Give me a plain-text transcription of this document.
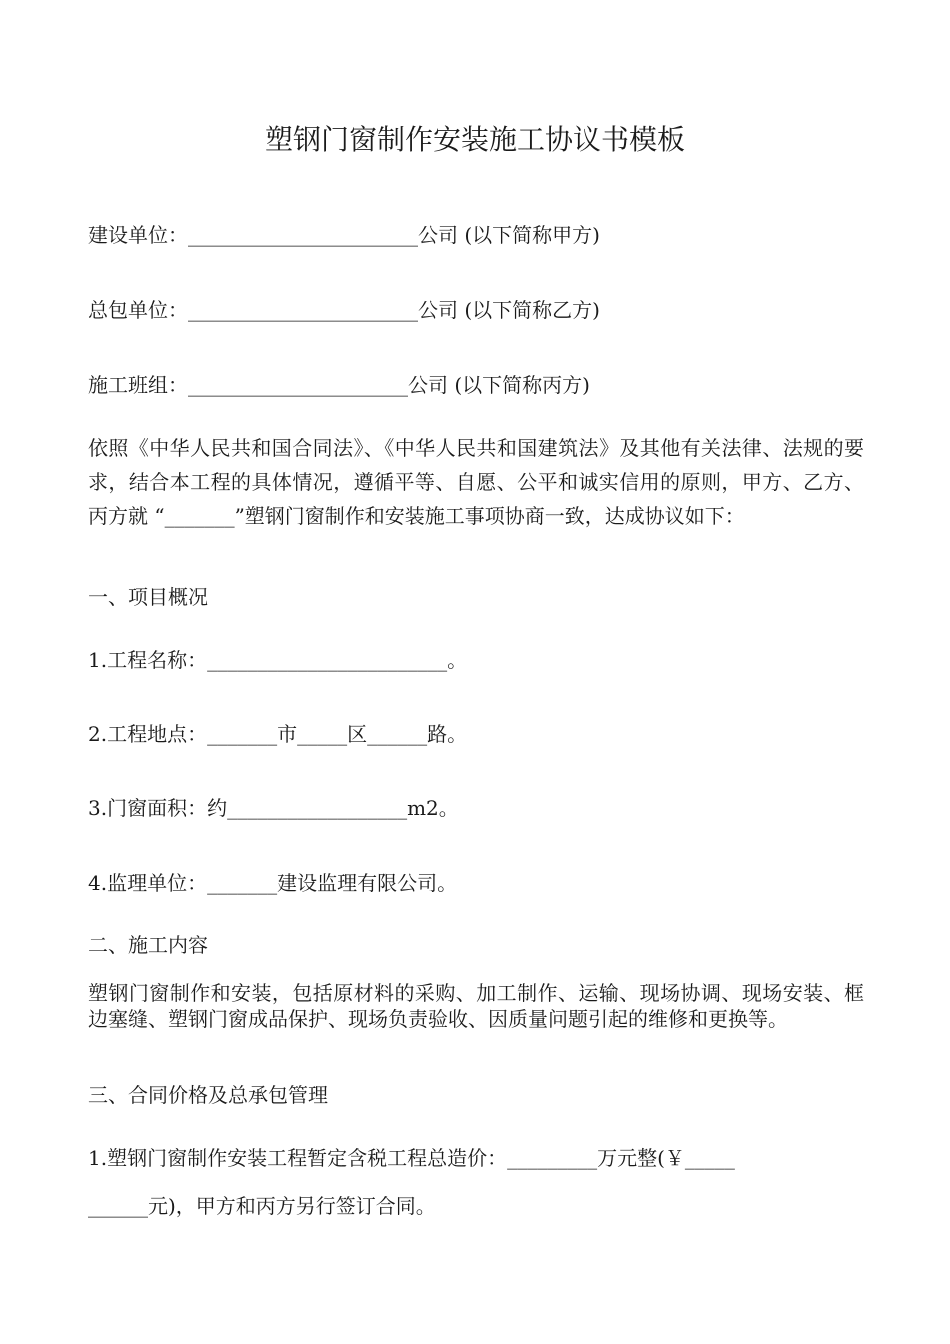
塑钢门窗制作安装施工协议书模板
建设单位：_______________________公司 (以下简称甲方)
总包单位：_______________________公司 (以下简称乙方)
施工班组：______________________公司 (以下简称丙方)
依照《中华人民共和国合同法》、《中华人民共和国建筑法》及其他有关法律、法规的要求，结合本工程的具体情况，遵循平等、自愿、公平和诚实信用的原则，甲方、乙方、丙方就 “_______”塑钢门窗制作和安装施工事项协商一致，达成协议如下：
一、项目概况
1.工程名称：________________________。
2.工程地点：_______市_____区______路。
3.门窗面积：约__________________m2。
4.监理单位：_______建设监理有限公司。
二、施工内容
塑钢门窗制作和安装，包括原材料的采购、加工制作、运输、现场协调、现场安装、框边塞缝、塑钢门窗成品保护、现场负责验收、因质量问题引起的维修和更换等。
三、合同价格及总承包管理
1.塑钢门窗制作安装工程暂定含税工程总造价：_________万元整(￥_____
______元)，甲方和丙方另行签订合同。
